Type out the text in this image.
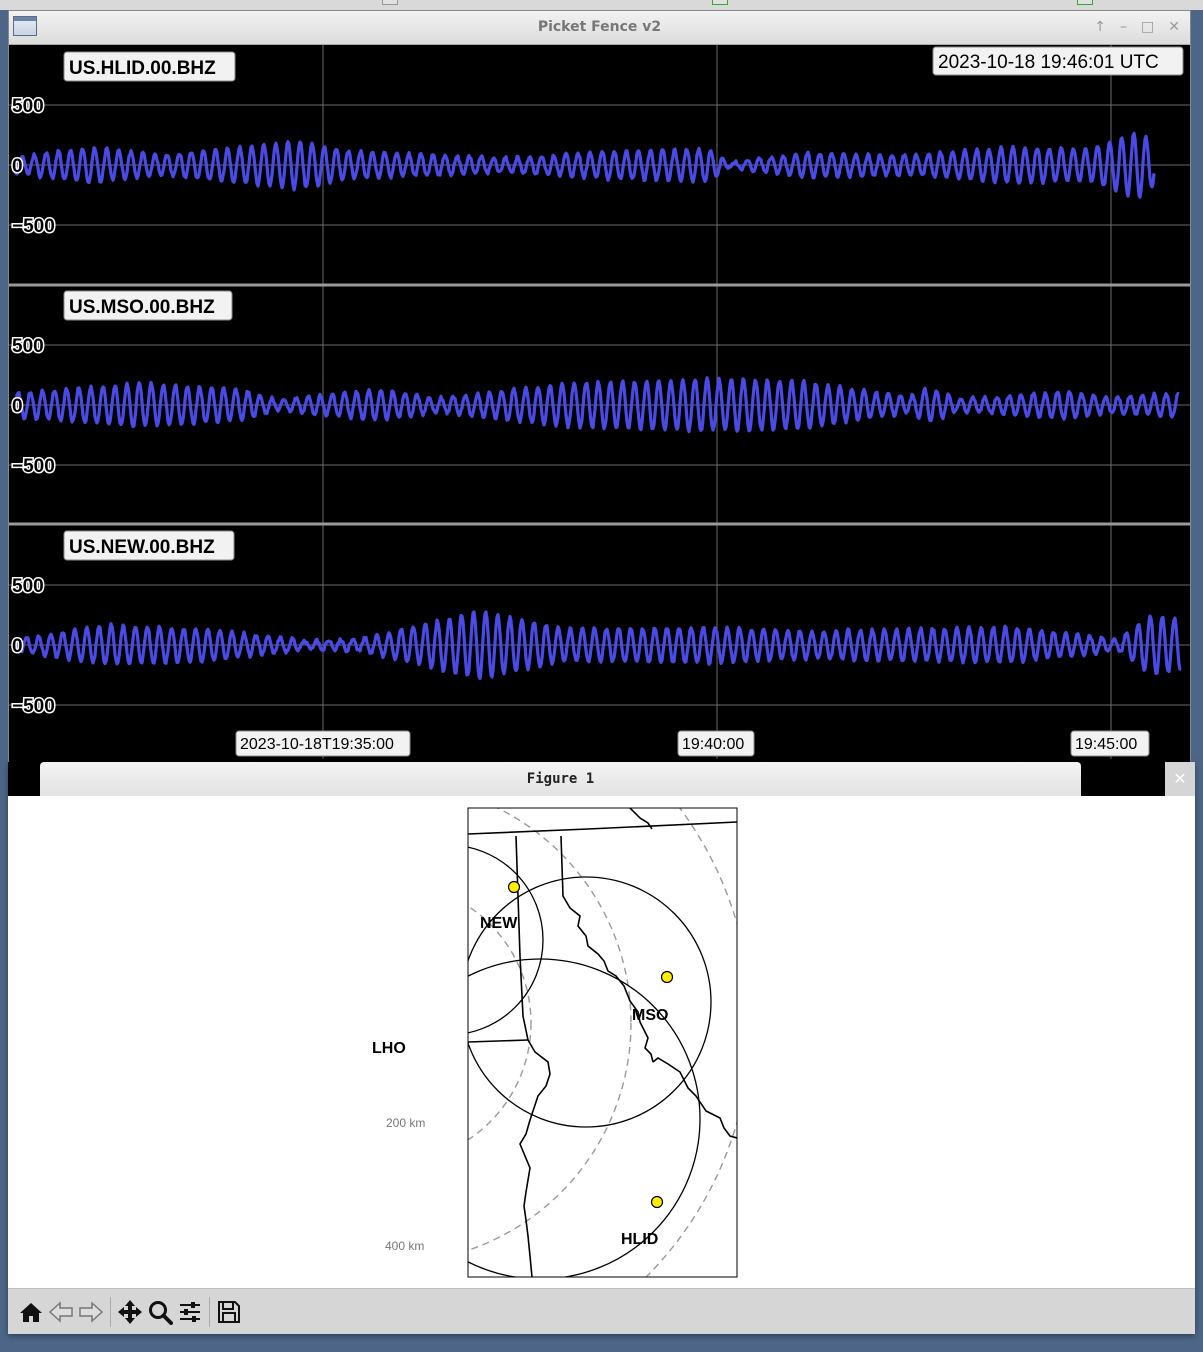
Picket Fence v2	↑ – □ ✕
500
0
−500
500
0
−500
500
0
−500
US.HLID.00.BHZ
US.MSO.00.BHZ
US.NEW.00.BHZ
2023-10-18 19:46:01 UTC
2023-10-18T19:35:00	19:40:00	19:45:00
Figure 1	✕
NEW
MSO
HLID
LHO
200 km
400 km
